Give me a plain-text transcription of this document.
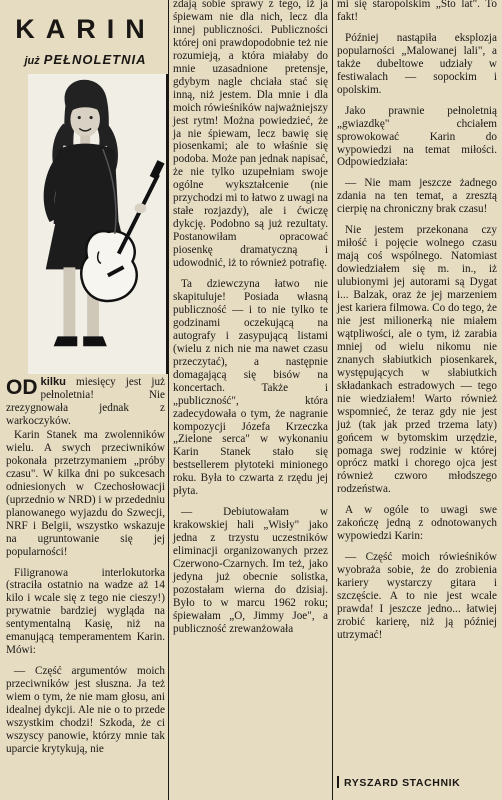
KARIN
już PEŁNOLETNIA

OD kilku miesięcy jest już pełnoletnia! Nie zrezygnowała jednak z warkoczyków.

Karin Stanek ma zwolenników wielu. A swych przeciwników pokonała przetrzymaniem „próby czasu". W kilka dni po sukcesach odniesionych w Czechosłowacji (uprzednio w NRD) i w przededniu planowanego wyjazdu do Szwecji, NRF i Belgii, wszystko wskazuje na ugruntowanie się jej popularności!

Filigranowa interlokutorka (straciła ostatnio na wadze aż 14 kilo i wcale się z tego nie cieszy!) prywatnie bardziej wygląda na sentymentalną Kasię, niż na emanującą temperamentem Karin. Mówi:

— Część argumentów moich przeciwników jest słuszna. Ja też wiem o tym, że nie mam głosu, ani idealnej dykcji. Ale nie o to przede wszystkim chodzi! Szkoda, że ci wszyscy panowie, którzy mnie tak uparcie krytykują, nie

zdają sobie sprawy z tego, iż ja śpiewam nie dla nich, lecz dla innej publiczności. Publiczności której oni prawdopodobnie też nie rozumieją, a która miałaby do mnie uzasadnione pretensje, gdybym nagle chciała stać się inną, niż jestem. Dla mnie i dla moich rówieśników najważniejszy jest rytm! Można powiedzieć, że ja nie śpiewam, lecz bawię się piosenkami; ale to właśnie się podoba. Może pan jednak napisać, że nie tylko uzupełniam swoje ogólne wykształcenie (nie przychodzi mi to łatwo z uwagi na stałe rozjazdy), ale i ćwiczę dykcję. Podobno są już rezultaty. Postanowiłam opracować piosenkę dramatyczną i udowodnić, iż to również potrafię.

Ta dziewczyna łatwo nie skapituluje! Posiada własną publiczność — i to nie tylko te godzinami oczekującą na autografy i zasypującą listami (wielu z nich nie ma nawet czasu przeczytać), a następnie domagającą się bisów na koncertach. Także i „publiczność", która zadecydowała o tym, że nagranie kompozycji Józefa Krzeczka „Zielone serca" w wykonaniu Karin Stanek stało się bestsellerem płytoteki minionego roku. Była to czwarta z rzędu jej płyta.

— Debiutowałam w krakowskiej hali „Wisły" jako jedna z trzystu uczestników eliminacji organizowanych przez Czerwono-Czarnych. Im też, jako jedyna już obecnie solistka, pozostałam wierna do dzisiaj. Było to w marcu 1962 roku; śpiewałam „O, Jimmy Joe", a publiczność zrewanżowała

mi się staropolskim „Sto lat". To fakt!

Później nastąpiła eksplozja popularności „Malowanej lali", a także dubeltowe udziały w festiwalach — sopockim i opolskim.

Jako prawnie pełnoletnią „gwiazdkę" chciałem sprowokować Karin do wypowiedzi na temat miłości. Odpowiedziała:

— Nie mam jeszcze żadnego zdania na ten temat, a zresztą cierpię na chroniczny brak czasu!

Nie jestem przekonana czy miłość i pojęcie wolnego czasu mają coś wspólnego. Natomiast dowiedziałem się m. in., iż ulubionymi jej autorami są Dygat i... Balzak, oraz że jej marzeniem jest kariera filmowa. Co do tego, że nie jest milionerką nie miałem wątpliwości, ale o tym, iż zarabia mniej od wielu nikomu nie znanych słabiutkich piosenkarek, występujących w słabiutkich składankach estradowych — tego nie wiedziałem! Warto również wspomnieć, że teraz gdy nie jest już (tak jak przed trzema laty) gońcem w bytomskim urzędzie, pomaga swej rodzinie w której oprócz matki i chorego ojca jest również czworo młodszego rodzeństwa.

A w ogóle to uwagi swe zakończę jedną z odnotowanych wypowiedzi Karin:

— Część moich rówieśników wyobraża sobie, że do zrobienia kariery wystarczy gitara i szczęście. A to nie jest wcale prawda! I jeszcze jedno... łatwiej zrobić karierę, niż ją później utrzymać!

RYSZARD STACHNIK
